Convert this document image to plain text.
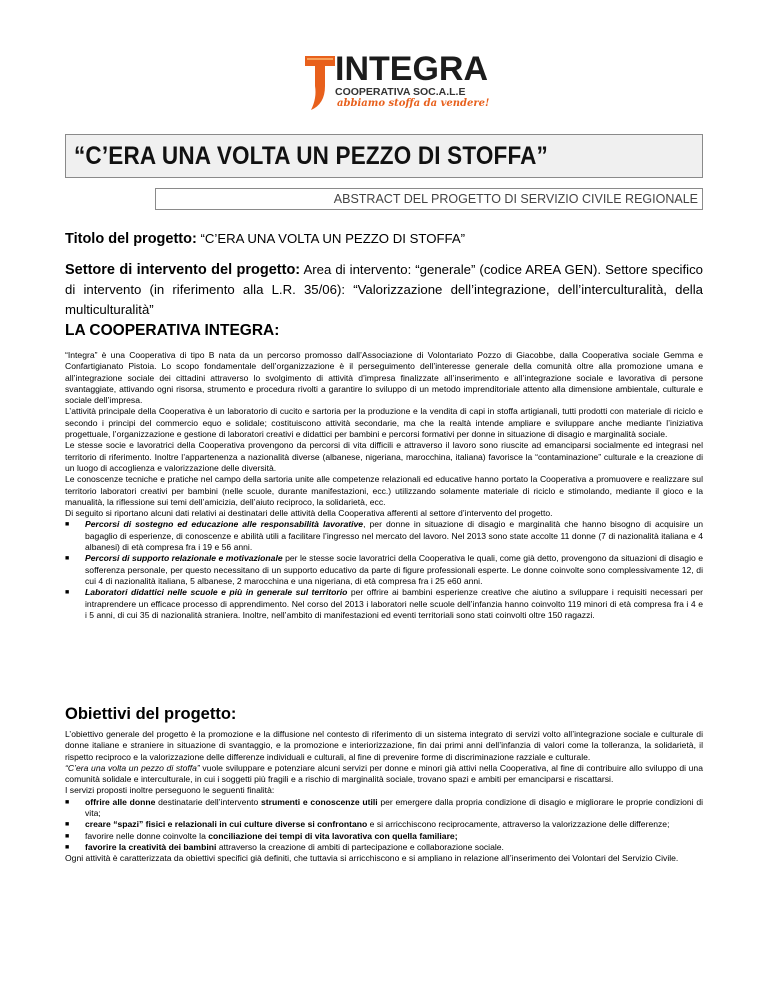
INTEGRA
COOPERATIVA SOC.A.L.E
abbiamo stoffa da vendere!
“C’ERA UNA VOLTA UN PEZZO DI STOFFA”
ABSTRACT DEL PROGETTO DI SERVIZIO CIVILE REGIONALE
Titolo del progetto: “C’ERA UNA VOLTA UN PEZZO DI STOFFA”
Settore di intervento del progetto: Area di intervento: “generale” (codice AREA GEN). Settore specifico di intervento (in riferimento alla L.R. 35/06): “Valorizzazione dell’integrazione, dell’interculturalità, della multiculturalità”
LA COOPERATIVA INTEGRA:

“Integra” è una Cooperativa di tipo B nata da un percorso promosso dall’Associazione di Volontariato Pozzo di Giacobbe, dalla Cooperativa sociale Gemma e Confartigianato Pistoia. Lo scopo fondamentale dell’organizzazione è il perseguimento dell’interesse generale della comunità oltre alla promozione umana e all’integrazione sociale dei cittadini attraverso lo svolgimento di attività d’impresa finalizzate all’inserimento e all’integrazione sociale e lavorativa di persone svantaggiate, attivando ogni risorsa, strumento e procedura rivolti a garantire lo sviluppo di un metodo imprenditoriale attento alla dimensione ambientale, culturale e sociale dell’impresa.

L’attività principale della Cooperativa è un laboratorio di cucito e sartoria per la produzione e la vendita di capi in stoffa artigianali, tutti prodotti con materiale di riciclo e secondo i principi del commercio equo e solidale; costituiscono attività secondarie, ma che la realtà intende ampliare e sviluppare anche mediante l’iniziativa progettuale, l’organizzazione e gestione di laboratori creativi e didattici per bambini e percorsi formativi per donne in situazione di disagio e marginalità sociale.

Le stesse socie e lavoratrici della Cooperativa provengono da percorsi di vita difficili e attraverso il lavoro sono riuscite ad emanciparsi socialmente ed integrasi nel territorio di riferimento. Inoltre l’appartenenza a nazionalità diverse (albanese, nigeriana, marocchina, italiana) favorisce la “contaminazione” culturale e la creazione di un luogo di accoglienza e valorizzazione delle diversità.

Le conoscenze tecniche e pratiche nel campo della sartoria unite alle competenze relazionali ed educative hanno portato la Cooperativa a promuovere e realizzare sul territorio laboratori creativi per bambini (nelle scuole, durante manifestazioni, ecc.) utilizzando solamente materiale di riciclo e stimolando, mediante il gioco e la manualità, la riflessione sui temi dell’amicizia, dell’aiuto reciproco, la solidarietà, ecc.

Di seguito si riportano alcuni dati relativi ai destinatari delle attività della Cooperativa afferenti al settore d’intervento del progetto.

■	Percorsi di sostegno ed educazione alle responsabilità lavorative, per donne in situazione di disagio e marginalità che hanno bisogno di acquisire un bagaglio di esperienze, di conoscenze e abilità utili a facilitare l’ingresso nel mercato del lavoro. Nel 2013 sono state accolte 11 donne (7 di nazionalità italiana e 4 albanesi) di età compresa fra i 19 e 56 anni.
■	Percorsi di supporto relazionale e motivazionale per le stesse socie lavoratrici della Cooperativa le quali, come già detto, provengono da situazioni di disagio e sofferenza personale, per questo necessitano di un supporto educativo da parte di figure professionali esperte. Le donne coinvolte sono complessivamente 12, di cui 4 di nazionalità italiana, 5 albanese, 2 marocchina e una nigeriana, di età compresa fra i 25 e60 anni.
■	Laboratori didattici nelle scuole e più in generale sul territorio per offrire ai bambini esperienze creative che aiutino a sviluppare i requisiti necessari per intraprendere un efficace processo di apprendimento. Nel corso del 2013 i laboratori nelle scuole dell’infanzia hanno coinvolto 119 minori di età compresa fra i 4 e i 5 anni, di cui 35 di nazionalità straniera. Inoltre, nell’ambito di manifestazioni ed eventi territoriali sono stati coinvolti oltre 150 ragazzi.
Obiettivi del progetto:

L’obiettivo generale del progetto è la promozione e la diffusione nel contesto di riferimento di un sistema integrato di servizi volto all’integrazione sociale e culturale di donne italiane e straniere in situazione di svantaggio, e la promozione e interiorizzazione, fin dai primi anni dell’infanzia di valori come la tolleranza, la solidarietà, il rispetto reciproco e la valorizzazione delle differenze individuali e culturali, al fine di prevenire forme di discriminazione razziale e culturale.

“C’era una volta un pezzo di stoffa” vuole sviluppare e potenziare alcuni servizi per donne e minori già attivi nella Cooperativa, al fine di contribuire allo sviluppo di una comunità solidale e interculturale, in cui i soggetti più fragili e a rischio di marginalità sociale, trovano spazi e ambiti per emanciparsi e riscattarsi.

I servizi proposti inoltre perseguono le seguenti finalità:

■	offrire alle donne destinatarie dell’intervento strumenti e conoscenze utili per emergere dalla propria condizione di disagio e migliorare le proprie condizioni di vita;
■	creare “spazi” fisici e relazionali in cui culture diverse si confrontano e si arricchiscono reciprocamente, attraverso la valorizzazione delle differenze;
■	favorire nelle donne coinvolte la conciliazione dei tempi di vita lavorativa con quella familiare;
■	favorire la creatività dei bambini attraverso la creazione di ambiti di partecipazione e collaborazione sociale.

Ogni attività è caratterizzata da obiettivi specifici già definiti, che tuttavia si arricchiscono e si ampliano in relazione all’inserimento dei Volontari del Servizio Civile.
